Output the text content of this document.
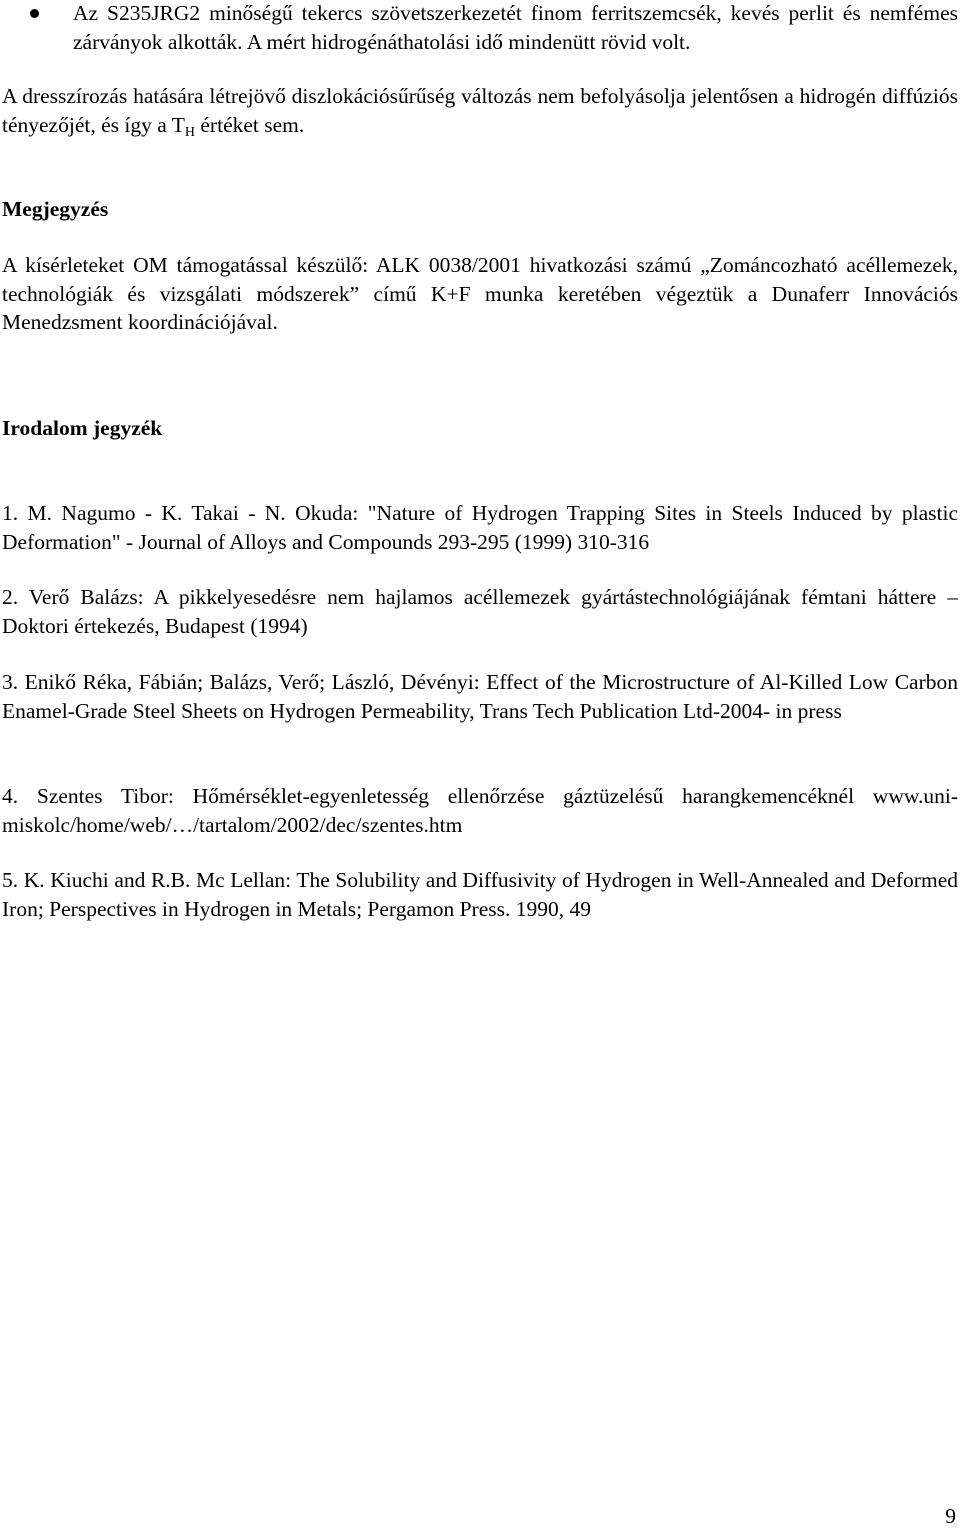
Az S235JRG2 minőségű tekercs szövetszerkezetét finom ferritszemcsék, kevés perlit és nemfémes zárványok alkották. A mért hidrogénáthatolási idő mindenütt rövid volt.
A dresszírozás hatására létrejövő diszlokációsűrűség változás nem befolyásolja jelentősen a hidrogén diffúziós tényezőjét, és így a $T_H$ értéket sem.
Megjegyzés
A kísérleteket OM támogatással készülő: ALK 0038/2001 hivatkozási számú „Zománcozható acéllemezek, technológiák és vizsgálati módszerek” című K+F munka keretében végeztük a Dunaferr Innovációs Menedzsment koordinációjával.
Irodalom jegyzék
1. M. Nagumo - K. Takai - N. Okuda: "Nature of Hydrogen Trapping Sites in Steels Induced by plastic Deformation" - Journal of Alloys and Compounds 293-295 (1999) 310-316
2. Verő Balázs: A pikkelyesedésre nem hajlamos acéllemezek gyártástechnológiájának fémtani háttere – Doktori értekezés, Budapest (1994)
3. Enikő Réka, Fábián; Balázs, Verő; László, Dévényi: Effect of the Microstructure of Al-Killed Low Carbon Enamel-Grade Steel Sheets on Hydrogen Permeability, Trans Tech Publication Ltd-2004- in press
4. Szentes Tibor: Hőmérséklet-egyenletesség ellenőrzése gáztüzelésű harangkemencéknél www.uni-miskolc/home/web/…/tartalom/2002/dec/szentes.htm
5. K. Kiuchi and R.B. Mc Lellan: The Solubility and Diffusivity of Hydrogen in Well-Annealed and Deformed Iron; Perspectives in Hydrogen in Metals; Pergamon Press. 1990, 49
9
